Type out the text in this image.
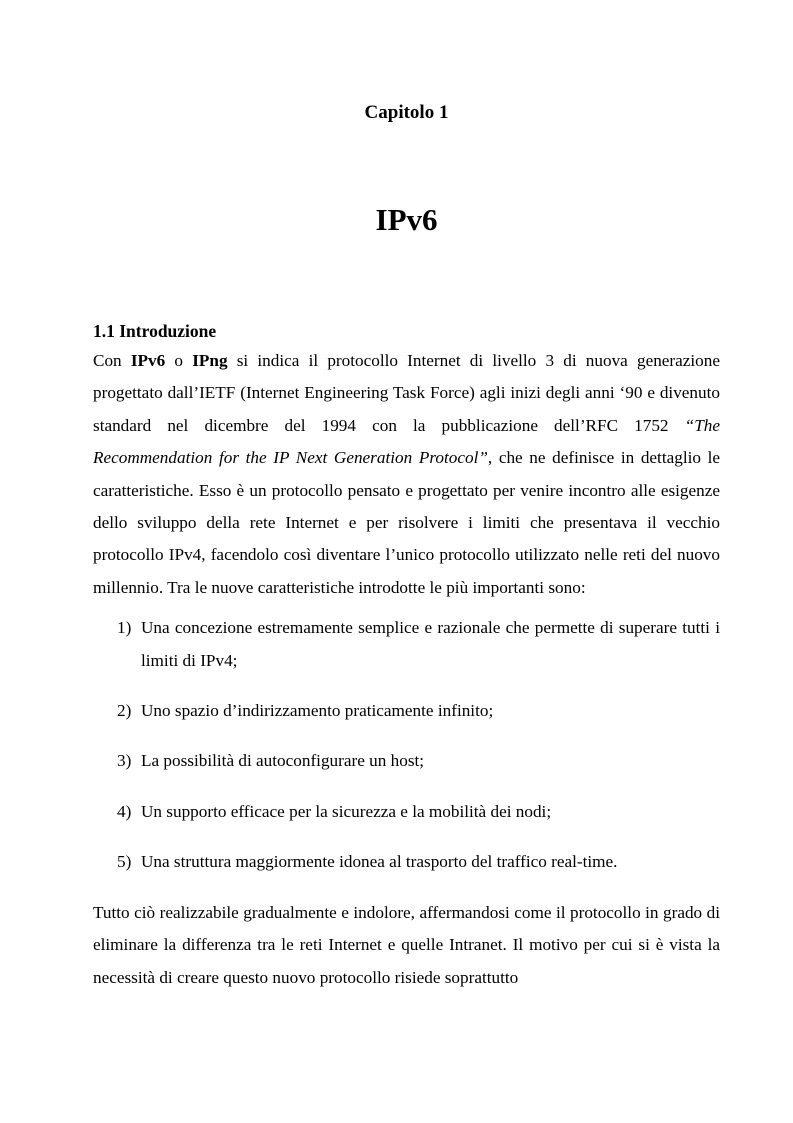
Capitolo 1
IPv6

1.1 Introduzione

Con IPv6 o IPng si indica il protocollo Internet di livello 3 di nuova generazione progettato dall’IETF (Internet Engineering Task Force) agli inizi degli anni ‘90 e divenuto standard nel dicembre del 1994 con la pubblicazione dell’RFC 1752 “The Recommendation for the IP Next Generation Protocol”, che ne definisce in dettaglio le caratteristiche. Esso è un protocollo pensato e progettato per venire incontro alle esigenze dello sviluppo della rete Internet e per risolvere i limiti che presentava il vecchio protocollo IPv4, facendolo così diventare l’unico protocollo utilizzato nelle reti del nuovo millennio. Tra le nuove caratteristiche introdotte le più importanti sono:

1) Una concezione estremamente semplice e razionale che permette di superare tutti i limiti di IPv4;
2) Uno spazio d’indirizzamento praticamente infinito;
3) La possibilità di autoconfigurare un host;
4) Un supporto efficace per la sicurezza e la mobilità dei nodi;
5) Una struttura maggiormente idonea al trasporto del traffico real-time.

Tutto ciò realizzabile gradualmente e indolore, affermandosi come il protocollo in grado di eliminare la differenza tra le reti Internet e quelle Intranet. Il motivo per cui si è vista la necessità di creare questo nuovo protocollo risiede soprattutto
